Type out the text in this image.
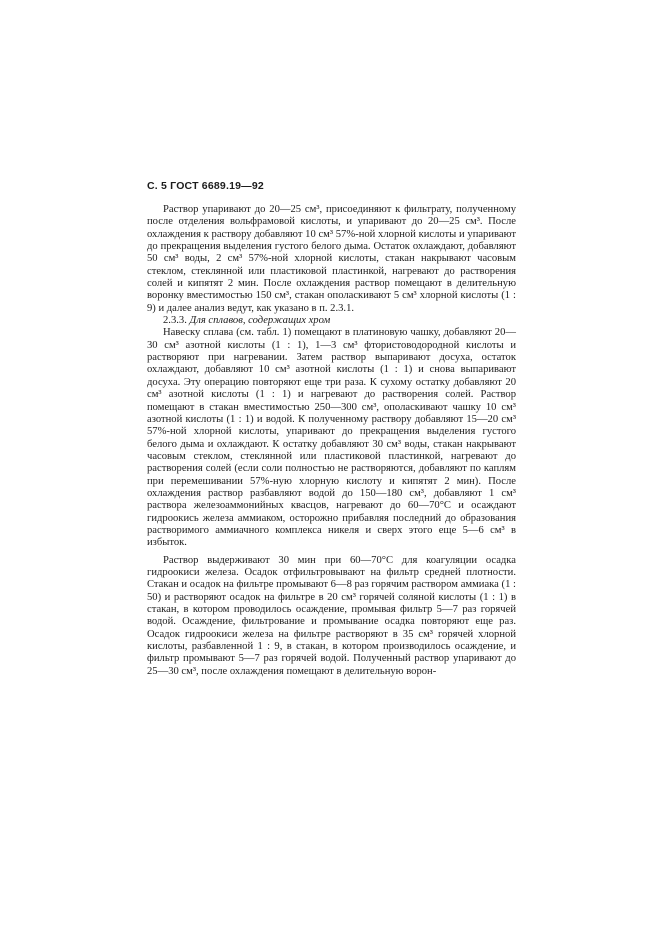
С. 5 ГОСТ 6689.19—92

Раствор упаривают до 20—25 см³, присоединяют к фильтрату, полученному после отделения вольфрамовой кислоты, и упаривают до 20—25 см³. После охлаждения к раствору добавляют 10 см³ 57%-ной хлорной кислоты и упаривают до прекращения выделения густого белого дыма. Остаток охлаждают, добавляют 50 см³ воды, 2 см³ 57%-ной хлорной кислоты, стакан накрывают часовым стеклом, стеклянной или пластиковой пластинкой, нагревают до растворения солей и кипятят 2 мин. После охлаждения раствор помещают в делительную воронку вместимостью 150 см³, стакан ополаскивают 5 см³ хлорной кислоты (1 : 9) и далее анализ ведут, как указано в п. 2.3.1.

2.3.3. Для сплавов, содержащих хром

Навеску сплава (см. табл. 1) помещают в платиновую чашку, добавляют 20—30 см³ азотной кислоты (1 : 1), 1—3 см³ фтористоводородной кислоты и растворяют при нагревании. Затем раствор выпаривают досуха, остаток охлаждают, добавляют 10 см³ азотной кислоты (1 : 1) и снова выпаривают досуха. Эту операцию повторяют еще три раза. К сухому остатку добавляют 20 см³ азотной кислоты (1 : 1) и нагревают до растворения солей. Раствор помещают в стакан вместимостью 250—300 см³, ополаскивают чашку 10 см³ азотной кислоты (1 : 1) и водой. К полученному раствору добавляют 15—20 см³ 57%-ной хлорной кислоты, упаривают до прекращения выделения густого белого дыма и охлаждают. К остатку добавляют 30 см³ воды, стакан накрывают часовым стеклом, стеклянной или пластиковой пластинкой, нагревают до растворения солей (если соли полностью не растворяются, добавляют по каплям при перемешивании 57%-ную хлорную кислоту и кипятят 2 мин). После охлаждения раствор разбавляют водой до 150—180 см³, добавляют 1 см³ раствора железоаммонийных квасцов, нагревают до 60—70°С и осаждают гидроокись железа аммиаком, осторожно прибавляя последний до образования растворимого аммиачного комплекса никеля и сверх этого еще 5—6 см³ в избыток.

Раствор выдерживают 30 мин при 60—70°С для коагуляции осадка гидроокиси железа. Осадок отфильтровывают на фильтр средней плотности. Стакан и осадок на фильтре промывают 6—8 раз горячим раствором аммиака (1 : 50) и растворяют осадок на фильтре в 20 см³ горячей соляной кислоты (1 : 1) в стакан, в котором проводилось осаждение, промывая фильтр 5—7 раз горячей водой. Осаждение, фильтрование и промывание осадка повторяют еще раз. Осадок гидроокиси железа на фильтре растворяют в 35 см³ горячей хлорной кислоты, разбавленной 1 : 9, в стакан, в котором производилось осаждение, и фильтр промывают 5—7 раз горячей водой. Полученный раствор упаривают до 25—30 см³, после охлаждения помещают в делительную ворон-
